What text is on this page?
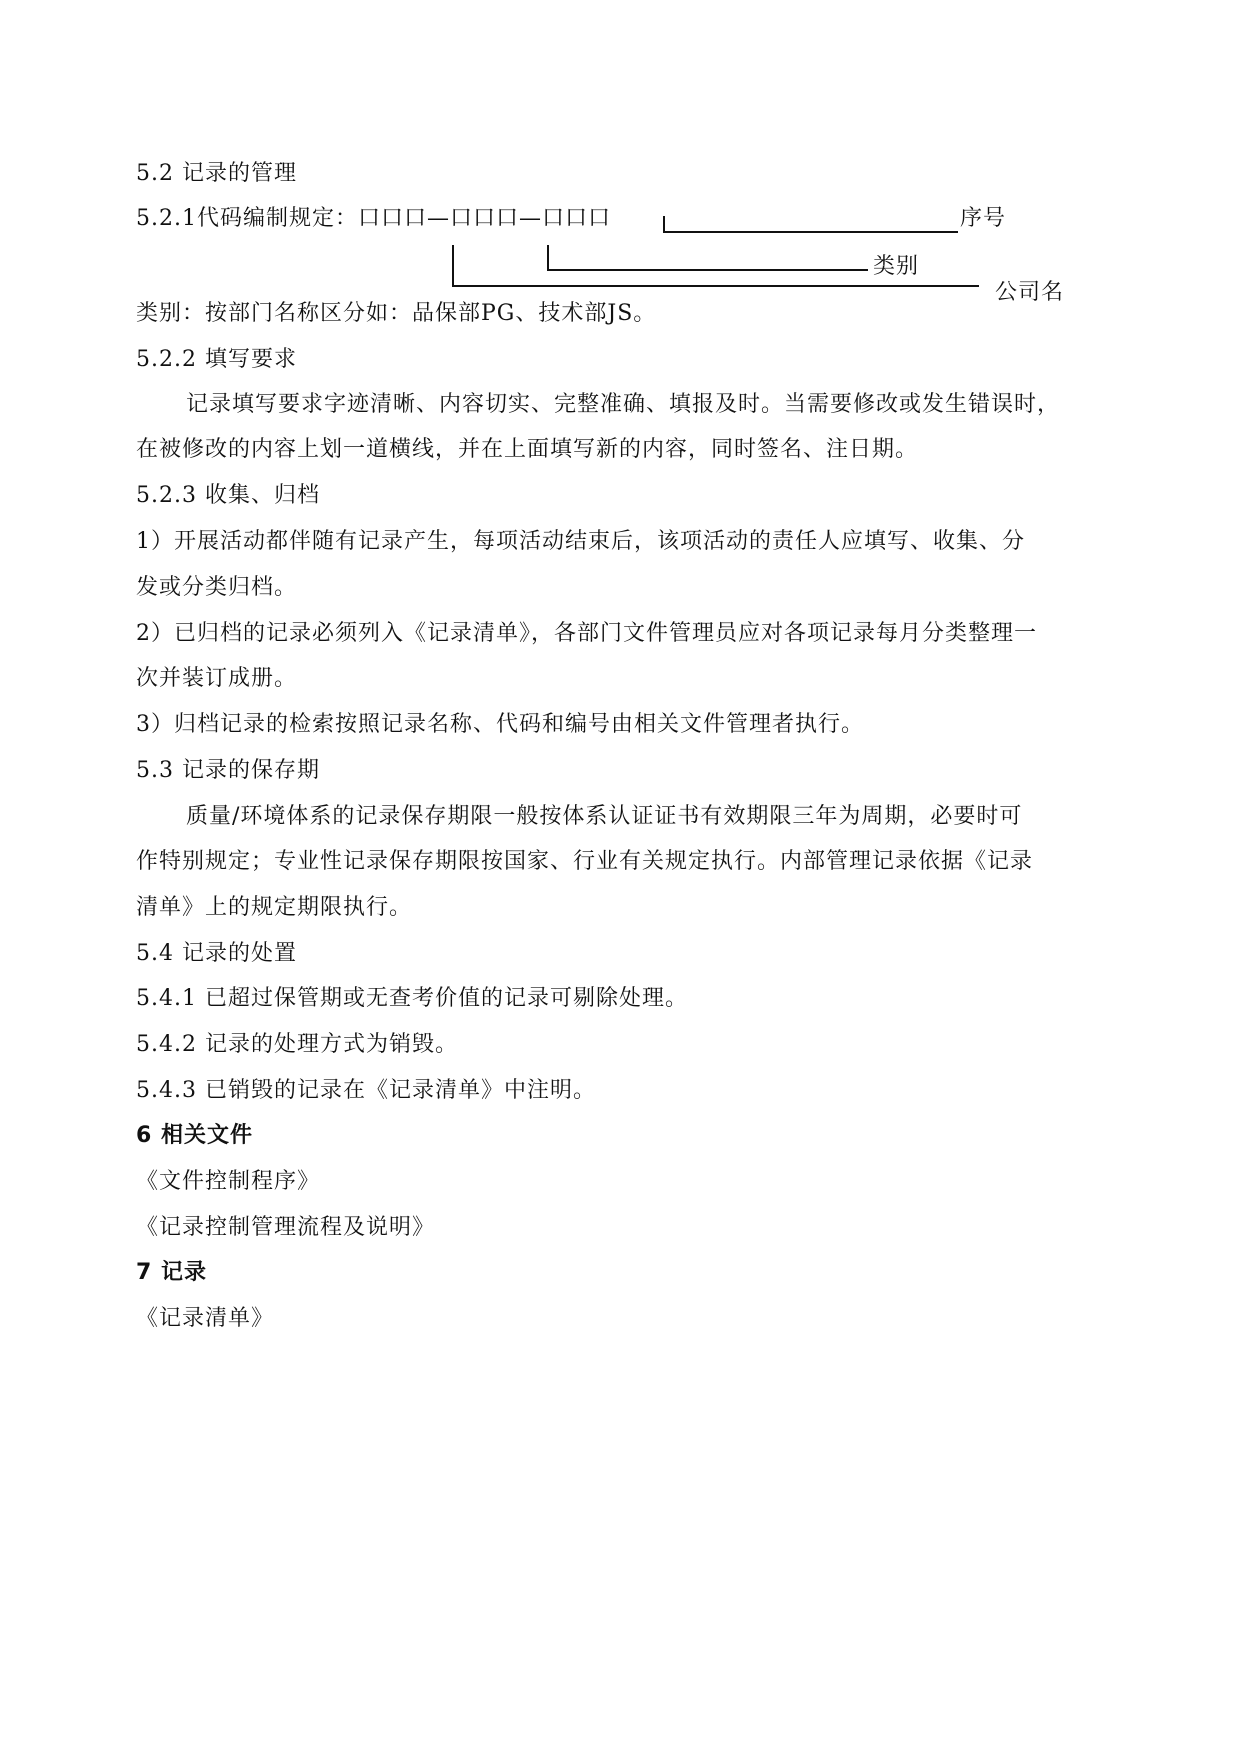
5.2 记录的管理
5.2.1代码编制规定：口口口—口口口—口口口	序号
类别
公司名
类别：按部门名称区分如：品保部PG、技术部JS。
5.2.2 填写要求
记录填写要求字迹清晰、内容切实、完整准确、填报及时。当需要修改或发生错误时，
在被修改的内容上划一道横线，并在上面填写新的内容，同时签名、注日期。
5.2.3 收集、归档
1）开展活动都伴随有记录产生，每项活动结束后，该项活动的责任人应填写、收集、分
发或分类归档。
2）已归档的记录必须列入《记录清单》，各部门文件管理员应对各项记录每月分类整理一
次并装订成册。
3）归档记录的检索按照记录名称、代码和编号由相关文件管理者执行。
5.3 记录的保存期
质量/环境体系的记录保存期限一般按体系认证证书有效期限三年为周期，必要时可
作特别规定；专业性记录保存期限按国家、行业有关规定执行。内部管理记录依据《记录
清单》上的规定期限执行。
5.4 记录的处置
5.4.1 已超过保管期或无查考价值的记录可剔除处理。
5.4.2 记录的处理方式为销毁。
5.4.3 已销毁的记录在《记录清单》中注明。
6 相关文件
《文件控制程序》
《记录控制管理流程及说明》
7 记录
《记录清单》
